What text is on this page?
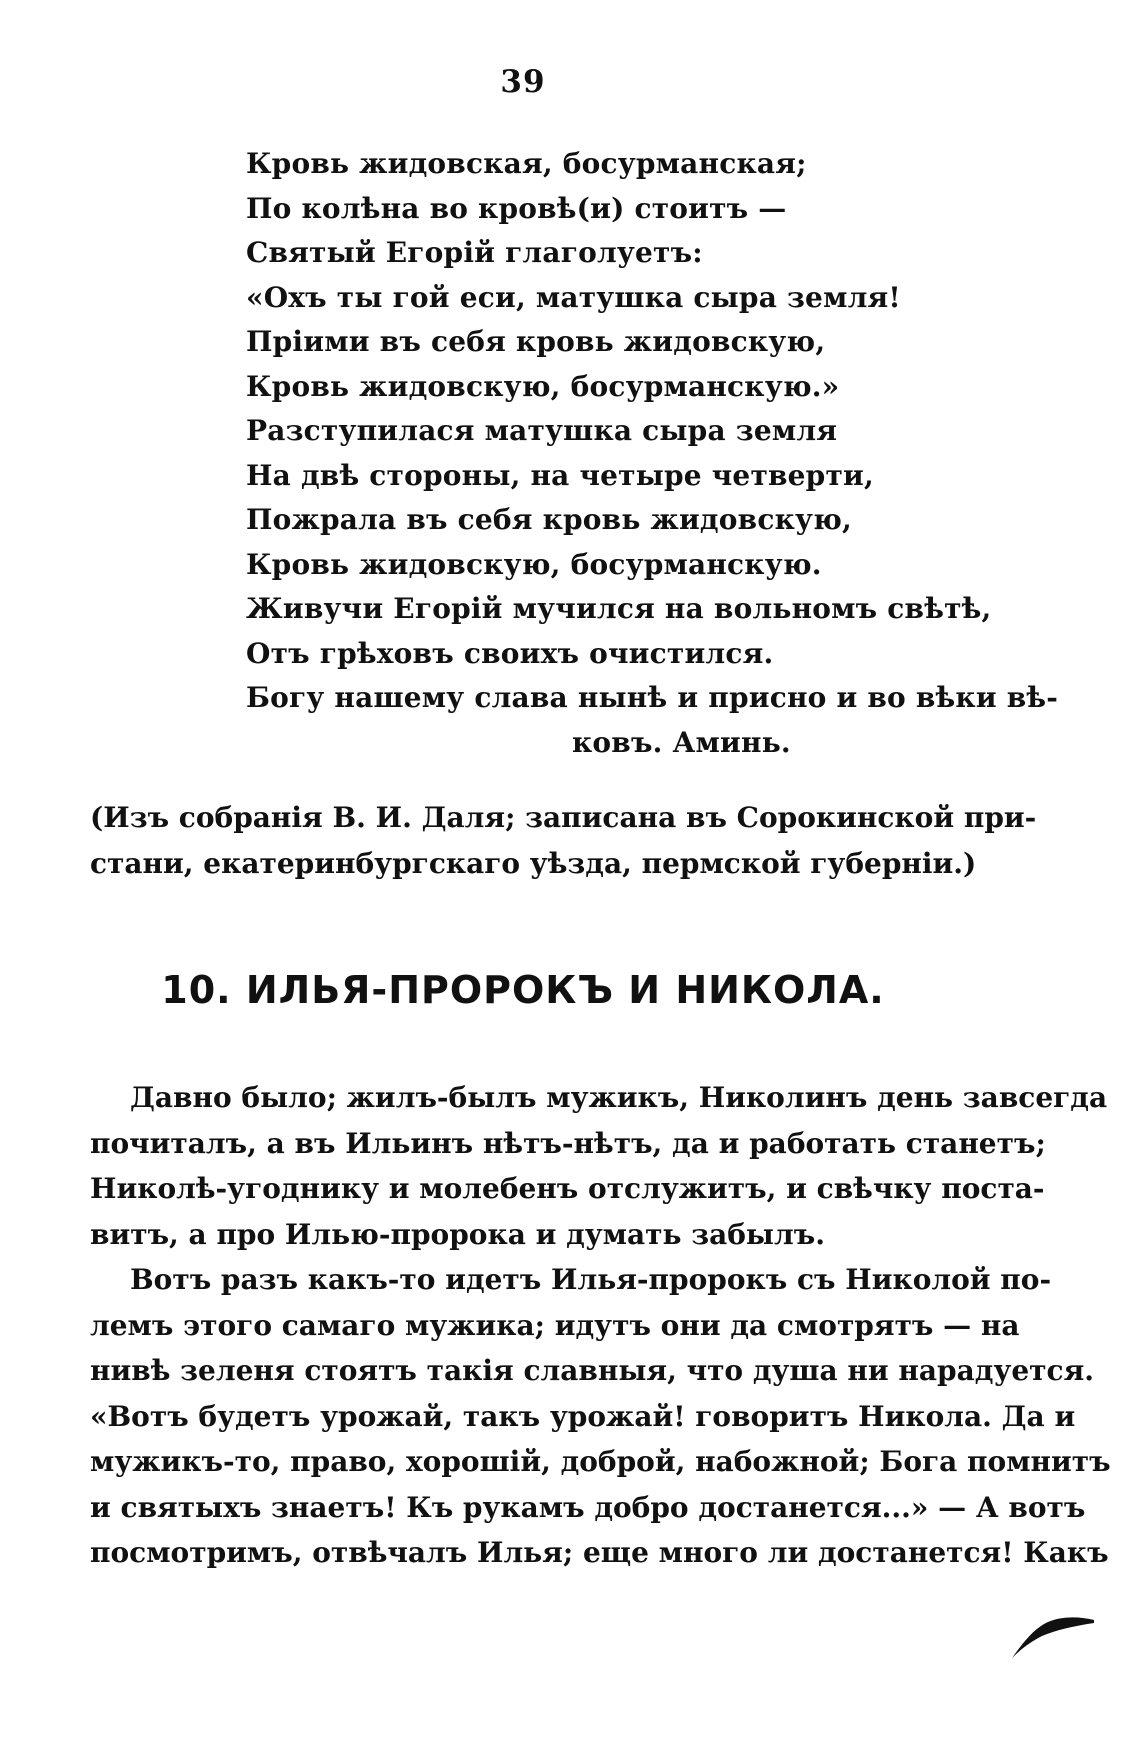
39
Кровь жидовская, босурманская;
По колѣна во кровѣ(и) стоитъ —
Святый Егорій глаголуетъ:
«Охъ ты гой еси, матушка сыра земля!
Пріими въ себя кровь жидовскую,
Кровь жидовскую, босурманскую.»
Разступилася матушка сыра земля
На двѣ стороны, на четыре четверти,
Пожрала въ себя кровь жидовскую,
Кровь жидовскую, босурманскую.
Живучи Егорій мучился на вольномъ свѣтѣ,
Отъ грѣховъ своихъ очистился.
Богу нашему слава нынѣ и присно и во вѣки вѣ-
ковъ. Аминь.
(Изъ собранія В. И. Даля; записана въ Сорокинской при-
стани, екатеринбургскаго уѣзда, пермской губерніи.)
10. ИЛЬЯ-ПРОРОКЪ И НИКОЛА.
Давно было; жилъ-былъ мужикъ, Николинъ день завсегда
почиталъ, а въ Ильинъ нѣтъ-нѣтъ, да и работать станетъ;
Николѣ-угоднику и молебенъ отслужитъ, и свѣчку поста-
витъ, а про Илью-пророка и думать забылъ.
Вотъ разъ какъ-то идетъ Илья-пророкъ съ Николой по-
лемъ этого самаго мужика; идутъ они да смотрятъ — на
нивѣ зеленя стоятъ такія славныя, что душа ни нарадуется.
«Вотъ будетъ урожай, такъ урожай! говоритъ Никола. Да и
мужикъ-то, право, хорошій, доброй, набожной; Бога помнитъ
и святыхъ знаетъ! Къ рукамъ добро достанется...» — А вотъ
посмотримъ, отвѣчалъ Илья; еще много ли достанется! Какъ
